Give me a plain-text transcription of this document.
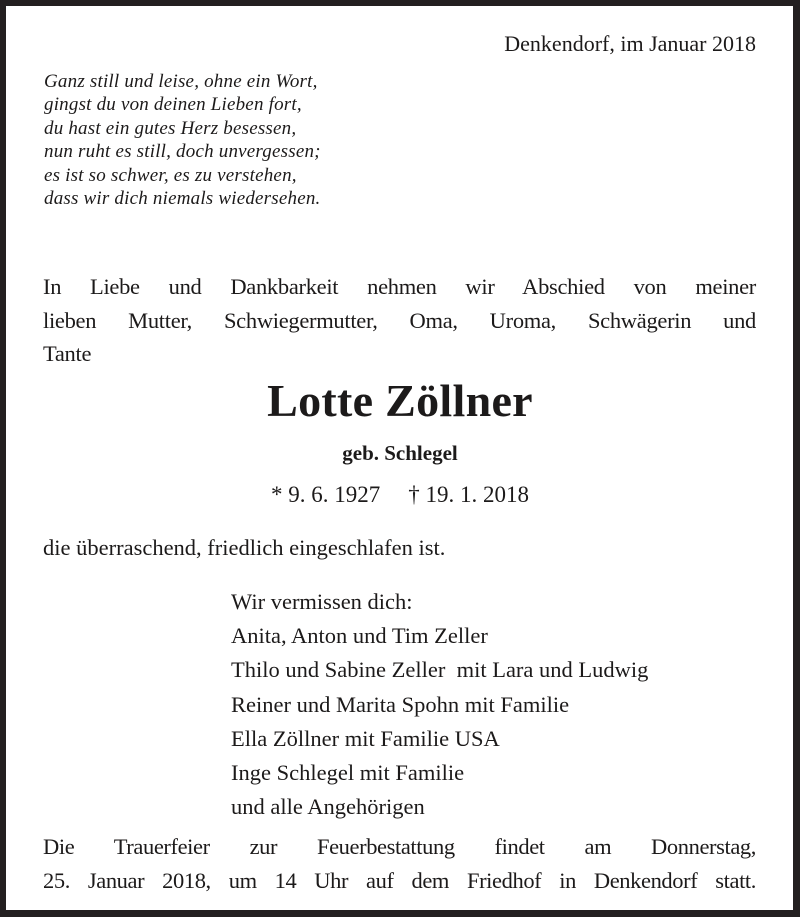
Denkendorf, im Januar 2018
Ganz still und leise, ohne ein Wort,
gingst du von deinen Lieben fort,
du hast ein gutes Herz besessen,
nun ruht es still, doch unvergessen;
es ist so schwer, es zu verstehen,
dass wir dich niemals wiedersehen.
In Liebe und Dankbarkeit nehmen wir Abschied von meiner
lieben Mutter, Schwiegermutter, Oma, Uroma, Schwägerin und
Tante
Lotte Zöllner
geb. Schlegel
* 9. 6. 1927 † 19. 1. 2018
die überraschend, friedlich eingeschlafen ist.
Wir vermissen dich:
Anita, Anton und Tim Zeller
Thilo und Sabine Zeller  mit Lara und Ludwig
Reiner und Marita Spohn mit Familie
Ella Zöllner mit Familie USA
Inge Schlegel mit Familie
und alle Angehörigen
Die Trauerfeier zur Feuerbestattung findet am Donnerstag,
25. Januar 2018, um 14 Uhr auf dem Friedhof in Denkendorf statt.
